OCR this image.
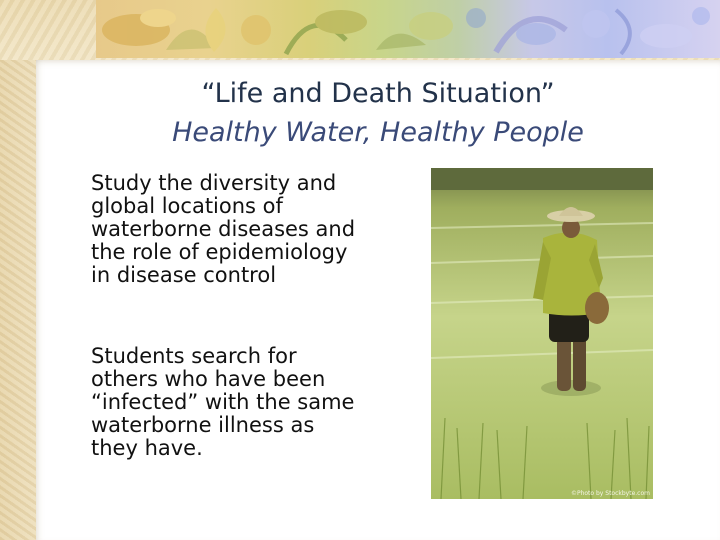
“Life and Death Situation”
Healthy Water, Healthy People
Study the diversity and global locations of waterborne diseases and the role of epidemiology in disease control
Students search for others who have been “infected” with the same waterborne illness as they have.
©Photo by Stockbyte.com
